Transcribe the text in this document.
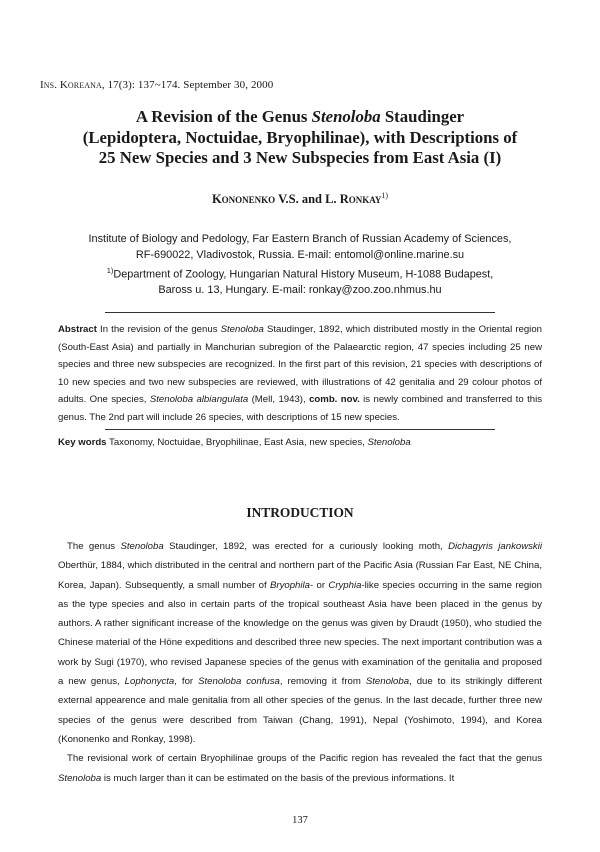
Ins. Koreana, 17(3): 137~174. September 30, 2000
A Revision of the Genus Stenoloba Staudinger
(Lepidoptera, Noctuidae, Bryophilinae), with Descriptions of
25 New Species and 3 New Subspecies from East Asia (I)
Kononenko V.S. and L. Ronkay$^{1)}$
Institute of Biology and Pedology, Far Eastern Branch of Russian Academy of Sciences,
RF-690022, Vladivostok, Russia. E-mail: entomol@online.marine.su
$^{1)}$Department of Zoology, Hungarian Natural History Museum, H-1088 Budapest,
Baross u. 13, Hungary. E-mail: ronkay@zoo.zoo.nhmus.hu
Abstract In the revision of the genus Stenoloba Staudinger, 1892, which distributed mostly in the Oriental region (South-East Asia) and partially in Manchurian subregion of the Palaearctic region, 47 species including 25 new species and three new subspecies are recognized. In the first part of this revision, 21 species with descriptions of 10 new species and two new subspecies are reviewed, with illustrations of 42 genitalia and 29 colour photos of adults. One species, Stenoloba albiangulata (Mell, 1943), comb. nov. is newly combined and transferred to this genus. The 2nd part will include 26 species, with descriptions of 15 new species.
Key words Taxonomy, Noctuidae, Bryophilinae, East Asia, new species, Stenoloba
INTRODUCTION

The genus Stenoloba Staudinger, 1892, was erected for a curiously looking moth, Dichagyris jankowskii Oberthür, 1884, which distributed in the central and northern part of the Pacific Asia (Russian Far East, NE China, Korea, Japan). Subsequently, a small number of Bryophila- or Cryphia-like species occurring in the same region as the type species and also in certain parts of the tropical southeast Asia have been placed in the genus by authors. A rather significant increase of the knowledge on the genus was given by Draudt (1950), who studied the Chinese material of the Höne expeditions and described three new species. The next important contribution was a work by Sugi (1970), who revised Japanese species of the genus with examination of the genitalia and proposed a new genus, Lophonycta, for Stenoloba confusa, removing it from Stenoloba, due to its strikingly different external appearence and male genitalia from all other species of the genus. In the last decade, further three new species of the genus were described from Taiwan (Chang, 1991), Nepal (Yoshimoto, 1994), and Korea (Kononenko and Ronkay, 1998).

The revisional work of certain Bryophilinae groups of the Pacific region has revealed the fact that the genus Stenoloba is much larger than it can be estimated on the basis of the previous informations. It

137
